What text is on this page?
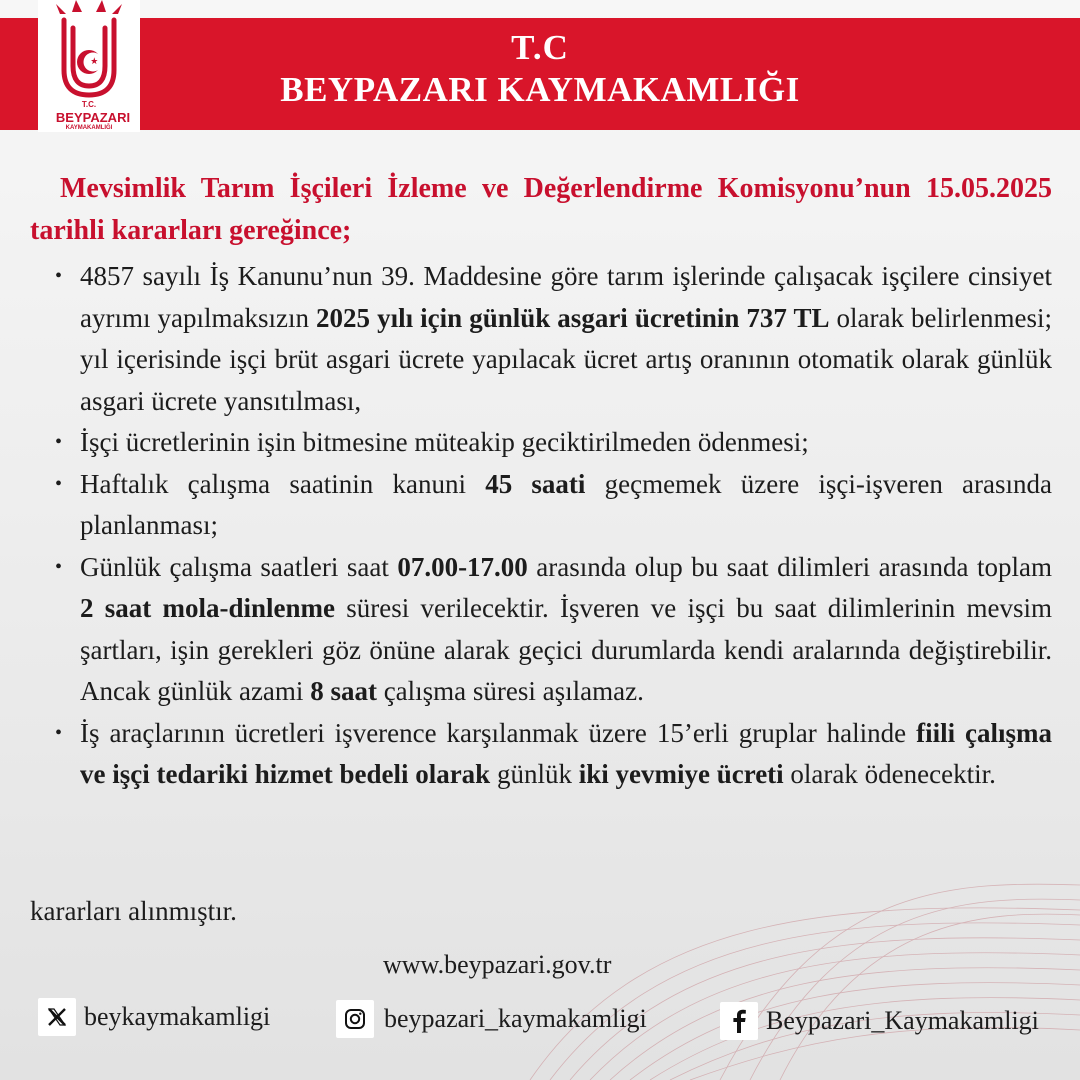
T.C
BEYPAZARI KAYMAKAMLIĞI
T.C.
BEYPAZARI
KAYMAKAMLIĞI
Mevsimlik Tarım İşçileri İzleme ve Değerlendirme Komisyonu’nun 15.05.2025 tarihli kararları gereğince;
• 4857 sayılı İş Kanunu’nun 39. Maddesine göre tarım işlerinde çalışacak işçilere cinsiyet ayrımı yapılmaksızın 2025 yılı için günlük asgari ücretinin 737 TL olarak belirlenmesi; yıl içerisinde işçi brüt asgari ücrete yapılacak ücret artış oranının otomatik olarak günlük asgari ücrete yansıtılması,
• İşçi ücretlerinin işin bitmesine müteakip geciktirilmeden ödenmesi;
• Haftalık çalışma saatinin kanuni 45 saati geçmemek üzere işçi-işveren arasında planlanması;
• Günlük çalışma saatleri saat 07.00-17.00 arasında olup bu saat dilimleri arasında toplam 2 saat mola-dinlenme süresi verilecektir. İşveren ve işçi bu saat dilimlerinin mevsim şartları, işin gerekleri göz önüne alarak geçici durumlarda kendi aralarında değiştirebilir. Ancak günlük azami 8 saat çalışma süresi aşılamaz.
• İş araçlarının ücretleri işverence karşılanmak üzere 15’erli gruplar halinde fiili çalışma ve işçi tedariki hizmet bedeli olarak günlük iki yevmiye ücreti olarak ödenecektir.
kararları alınmıştır.
www.beypazari.gov.tr
beykaymakamligi	beypazari_kaymakamligi	Beypazari_Kaymakamligi
